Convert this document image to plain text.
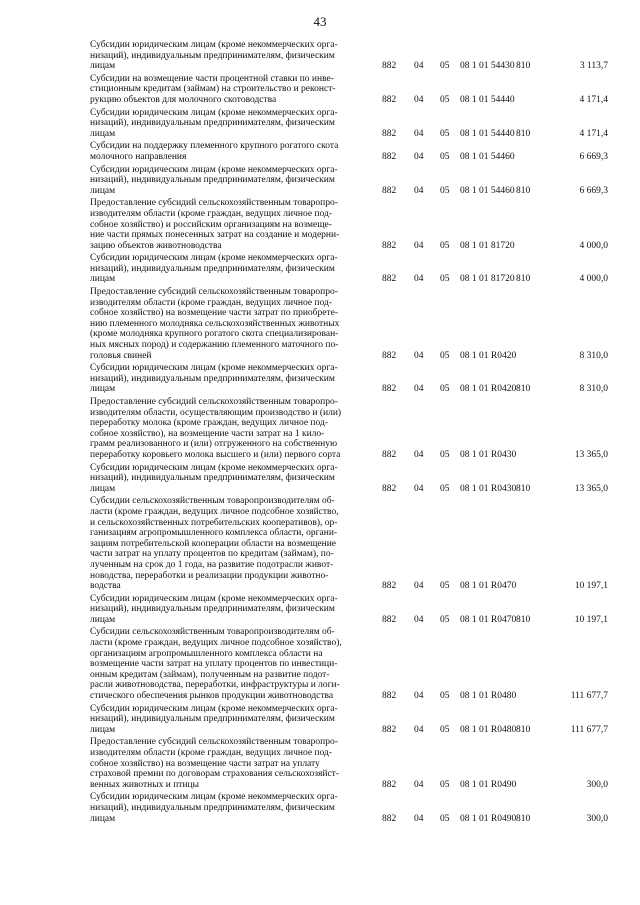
43
Субсидии юридическим лицам (кроме некоммерческих орга-
низаций), индивидуальным предпринимателям, физическим
лицам	882 04 05 08 1 01 54430 810	3 113,7
Субсидии на возмещение части процентной ставки по инве-
стиционным кредитам (займам) на строительство и реконст-
рукцию объектов для молочного скотоводства	882 04 05 08 1 01 54440	4 171,4
Субсидии юридическим лицам (кроме некоммерческих орга-
низаций), индивидуальным предпринимателям, физическим
лицам	882 04 05 08 1 01 54440 810	4 171,4
Субсидии на поддержку племенного крупного рогатого скота
молочного направления	882 04 05 08 1 01 54460	6 669,3
Субсидии юридическим лицам (кроме некоммерческих орга-
низаций), индивидуальным предпринимателям, физическим
лицам	882 04 05 08 1 01 54460 810	6 669,3
Предоставление субсидий сельскохозяйственным товаропро-
изводителям области (кроме граждан, ведущих личное под-
собное хозяйство) и российским организациям на возмеще-
ние части прямых понесенных затрат на создание и модерни-
зацию объектов животноводства	882 04 05 08 1 01 81720	4 000,0
Субсидии юридическим лицам (кроме некоммерческих орга-
низаций), индивидуальным предпринимателям, физическим
лицам	882 04 05 08 1 01 81720 810	4 000,0
Предоставление субсидий сельскохозяйственным товаропро-
изводителям области (кроме граждан, ведущих личное под-
собное хозяйство) на возмещение части затрат по приобрете-
нию племенного молодняка сельскохозяйственных животных
(кроме молодняка крупного рогатого скота специализирован-
ных мясных пород) и содержанию племенного маточного по-
головья свиней	882 04 05 08 1 01 R0420	8 310,0
Субсидии юридическим лицам (кроме некоммерческих орга-
низаций), индивидуальным предпринимателям, физическим
лицам	882 04 05 08 1 01 R0420 810	8 310,0
Предоставление субсидий сельскохозяйственным товаропро-
изводителям области, осуществляющим производство и (или)
переработку молока (кроме граждан, ведущих личное под-
собное хозяйство), на возмещение части затрат на 1 кило-
грамм реализованного и (или) отгруженного на собственную
переработку коровьего молока высшего и (или) первого сорта	882 04 05 08 1 01 R0430	13 365,0
Субсидии юридическим лицам (кроме некоммерческих орга-
низаций), индивидуальным предпринимателям, физическим
лицам	882 04 05 08 1 01 R0430 810	13 365,0
Субсидии сельскохозяйственным товаропроизводителям об-
ласти (кроме граждан, ведущих личное подсобное хозяйство,
и сельскохозяйственных потребительских кооперативов), ор-
ганизациям агропромышленного комплекса области, органи-
зациям потребительской кооперации области на возмещение
части затрат на уплату процентов по кредитам (займам), по-
лученным на срок до 1 года, на развитие подотрасли живот-
новодства, переработки и реализации продукции животно-
водства	882 04 05 08 1 01 R0470	10 197,1
Субсидии юридическим лицам (кроме некоммерческих орга-
низаций), индивидуальным предпринимателям, физическим
лицам	882 04 05 08 1 01 R0470 810	10 197,1
Субсидии сельскохозяйственным товаропроизводителям об-
ласти (кроме граждан, ведущих личное подсобное хозяйство),
организациям агропромышленного комплекса области на
возмещение части затрат на уплату процентов по инвестици-
онным кредитам (займам), полученным на развитие подот-
расли животноводства, переработки, инфраструктуры и логи-
стического обеспечения рынков продукции животноводства	882 04 05 08 1 01 R0480	111 677,7
Субсидии юридическим лицам (кроме некоммерческих орга-
низаций), индивидуальным предпринимателям, физическим
лицам	882 04 05 08 1 01 R0480 810	111 677,7
Предоставление субсидий сельскохозяйственным товаропро-
изводителям области (кроме граждан, ведущих личное под-
собное хозяйство) на возмещение части затрат на уплату
страховой премии по договорам страхования сельскохозяйст-
венных животных и птицы	882 04 05 08 1 01 R0490	300,0
Субсидии юридическим лицам (кроме некоммерческих орга-
низаций), индивидуальным предпринимателям, физическим
лицам	882 04 05 08 1 01 R0490 810	300,0
